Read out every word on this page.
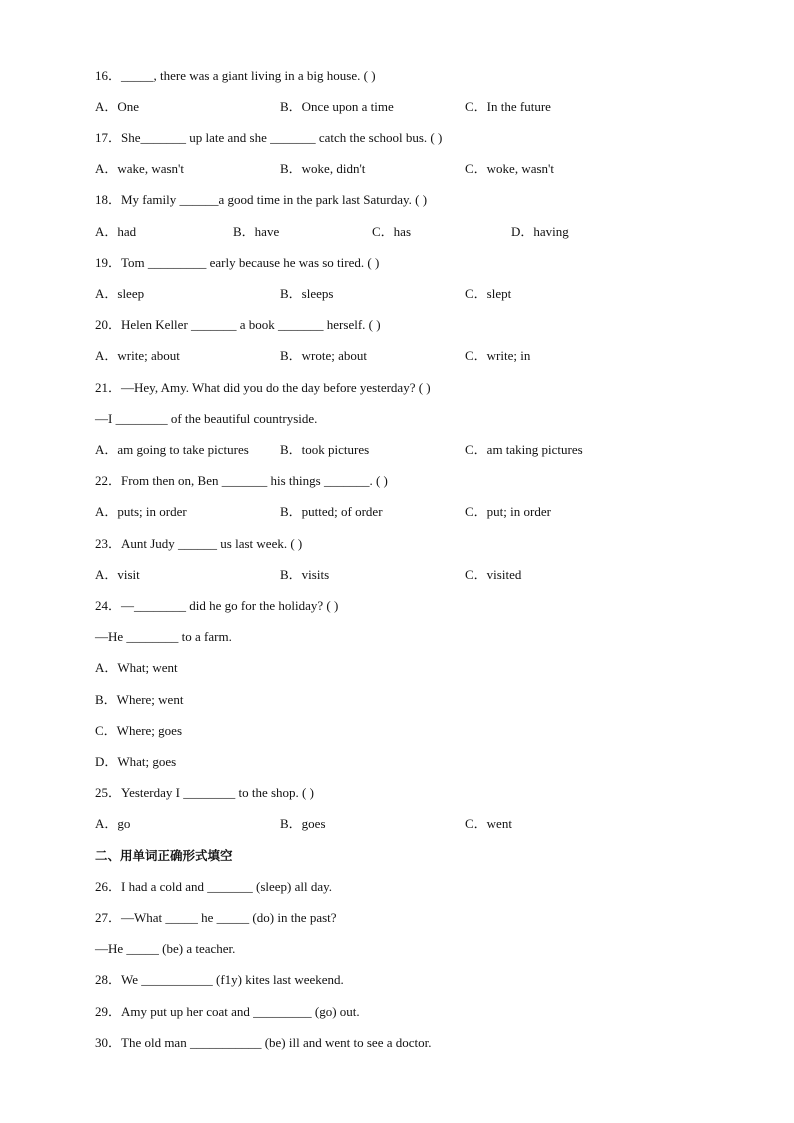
16．_____, there was a giant living in a big house. ( )
A．One	B．Once upon a time	C．In the future
17．She_______ up late and she _______ catch the school bus. ( )
A．wake, wasn't	B．woke, didn't	C．woke, wasn't
18．My family ______a good time in the park last Saturday. ( )
A．had	B．have	C．has	D．having
19．Tom _________ early because he was so tired. ( )
A．sleep	B．sleeps	C．slept
20．Helen Keller _______ a book _______ herself. ( )
A．write; about	B．wrote; about	C．write; in
21．—Hey, Amy. What did you do the day before yesterday? ( )
—I ________ of the beautiful countryside.
A．am going to take pictures B．took pictures	C．am taking pictures
22．From then on, Ben _______ his things _______. ( )
A．puts; in order	B．putted; of order	C．put; in order
23．Aunt Judy ______ us last week. ( )
A．visit	B．visits	C．visited
24．—________ did he go for the holiday? ( )
—He ________ to a farm.
A．What; went
B．Where; went
C．Where; goes
D．What; goes
25．Yesterday I ________ to the shop. ( )
A．go	B．goes	C．went
二、用单词正确形式填空
26．I had a cold and _______ (sleep) all day.
27．—What _____ he _____ (do) in the past?
—He _____ (be) a teacher.
28．We ___________ (f1y) kites last weekend.
29．Amy put up her coat and _________ (go) out.
30．The old man ___________ (be) ill and went to see a doctor.
